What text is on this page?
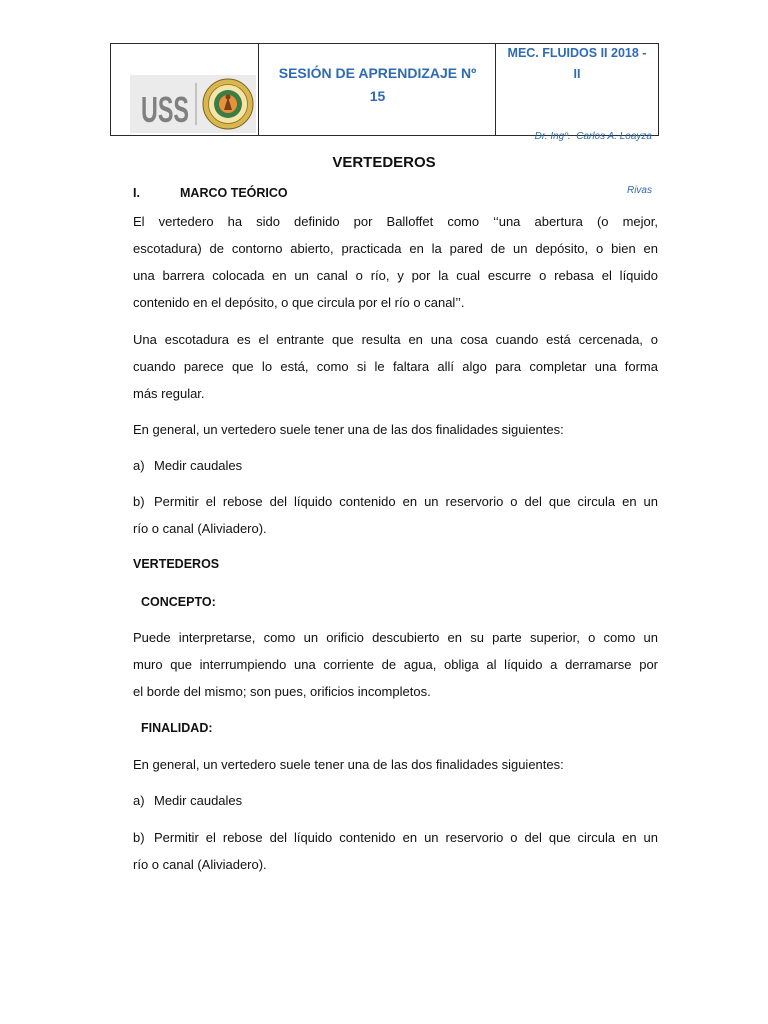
USS
SESIÓN DE APRENDIZAJE Nº
15
MEC. FLUIDOS II 2018 -
II

Dr. Ingº.  Carlos A. Loayza

Rivas

VERTEDEROS
I.	MARCO TEÓRICO
El vertedero ha sido definido por Balloffet como ‘‘una abertura (o mejor,
escotadura) de contorno abierto, practicada en la pared de un depósito, o bien en
una barrera colocada en un canal o río, y por la cual escurre o rebasa el líquido
contenido en el depósito, o que circula por el río o canal’’.
Una escotadura es el entrante que resulta en una cosa cuando está cercenada, o
cuando parece que lo está, como si le faltara allí algo para completar una forma
más regular.
En general, un vertedero suele tener una de las dos finalidades siguientes:
a) Medir caudales
b) Permitir el rebose del líquido contenido en un reservorio o del que circula en un
río o canal (Aliviadero).
VERTEDEROS
CONCEPTO:
Puede interpretarse, como un orificio descubierto en su parte superior, o como un
muro que interrumpiendo una corriente de agua, obliga al líquido a derramarse por
el borde del mismo; son pues, orificios incompletos.
FINALIDAD:
En general, un vertedero suele tener una de las dos finalidades siguientes:
a) Medir caudales
b) Permitir el rebose del líquido contenido en un reservorio o del que circula en un
río o canal (Aliviadero).
